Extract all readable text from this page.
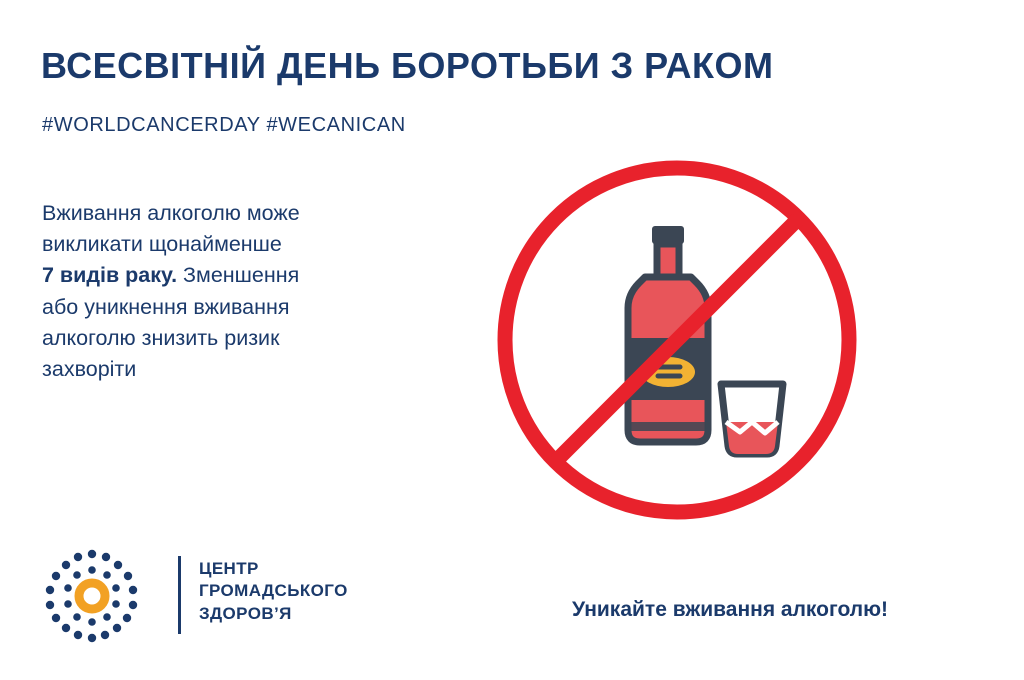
ВСЕСВІТНІЙ ДЕНЬ БОРОТЬБИ З РАКОМ
#WORLDCANCERDAY #WECANICAN
Вживання алкоголю може
викликати щонайменше
7 видів раку. Зменшення
або уникнення вживання
алкоголю знизить ризик
захворіти
Уникайте вживання алкоголю!
ЦЕНТР
ГРОМАДСЬКОГО
ЗДОРОВ’Я
